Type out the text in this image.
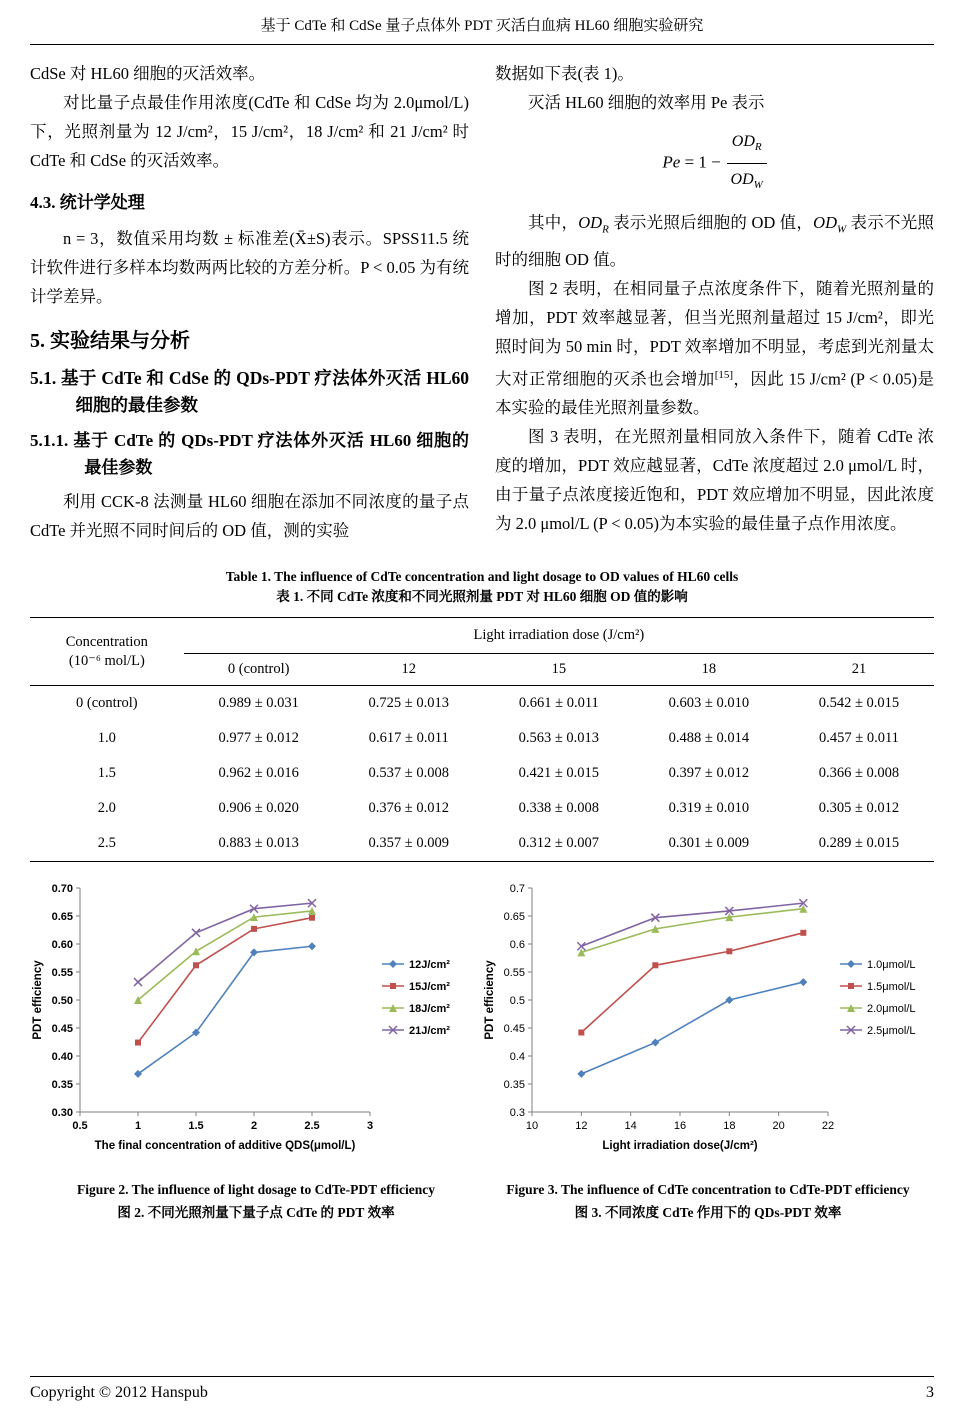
基于 CdTe 和 CdSe 量子点体外 PDT 灭活白血病 HL60 细胞实验研究

CdSe 对 HL60 细胞的灭活效率。

对比量子点最佳作用浓度(CdTe 和 CdSe 均为 2.0μmol/L)下，光照剂量为 12 J/cm²，15 J/cm²，18 J/cm² 和 21 J/cm² 时 CdTe 和 CdSe 的灭活效率。

4.3. 统计学处理

n = 3，数值采用均数 ± 标准差(X̄±S)表示。SPSS11.5 统计软件进行多样本均数两两比较的方差分析。P < 0.05 为有统计学差异。

5. 实验结果与分析
5.1. 基于 CdTe 和 CdSe 的 QDs-PDT 疗法体外灭活 HL60 细胞的最佳参数
5.1.1. 基于 CdTe 的 QDs-PDT 疗法体外灭活 HL60 细胞的最佳参数

利用 CCK-8 法测量 HL60 细胞在添加不同浓度的量子点 CdTe 并光照不同时间后的 OD 值，测的实验

数据如下表(表 1)。

灭活 HL60 细胞的效率用 Pe 表示

$Pe = 1 - \frac{OD_R}{OD_W}$

其中，$OD_R$ 表示光照后细胞的 OD 值，$OD_W$ 表示不光照时的细胞 OD 值。

图 2 表明，在相同量子点浓度条件下，随着光照剂量的增加，PDT 效率越显著，但当光照剂量超过 15 J/cm²，即光照时间为 50 min 时，PDT 效率增加不明显，考虑到光剂量太大对正常细胞的灭杀也会增加[15]，因此 15 J/cm² (P < 0.05)是本实验的最佳光照剂量参数。

图 3 表明，在光照剂量相同放入条件下，随着 CdTe 浓度的增加，PDT 效应越显著，CdTe 浓度超过 2.0 μmol/L 时，由于量子点浓度接近饱和，PDT 效应增加不明显，因此浓度为 2.0 μmol/L (P < 0.05)为本实验的最佳量子点作用浓度。

Table 1. The influence of CdTe concentration and light dosage to OD values of HL60 cells
表 1. 不同 CdTe 浓度和不同光照剂量 PDT 对 HL60 细胞 OD 值的影响
Concentration
(10⁻⁶ mol/L)	Light irradiation dose (J/cm²)				
	0 (control)	12	15	18	21
0 (control)	0.989 ± 0.031	0.725 ± 0.013	0.661 ± 0.011	0.603 ± 0.010	0.542 ± 0.015
1.0	0.977 ± 0.012	0.617 ± 0.011	0.563 ± 0.013	0.488 ± 0.014	0.457 ± 0.011
1.5	0.962 ± 0.016	0.537 ± 0.008	0.421 ± 0.015	0.397 ± 0.012	0.366 ± 0.008
2.0	0.906 ± 0.020	0.376 ± 0.012	0.338 ± 0.008	0.319 ± 0.010	0.305 ± 0.012
2.5	0.883 ± 0.013	0.357 ± 0.009	0.312 ± 0.007	0.301 ± 0.009	0.289 ± 0.015
0.30
0.35
0.40
0.45
0.50
0.55
0.60
0.65
0.70
0.5	1	1.5	2	2.5	3
The final concentration of additive QDS(μmol/L)
PDT efficiency	12J/cm²
15J/cm²
18J/cm²
21J/cm²
Figure 2. The influence of light dosage to CdTe-PDT efficiency
图 2. 不同光照剂量下量子点 CdTe 的 PDT 效率
0.3
0.35
0.4
0.45
0.5
0.55
0.6
0.65
0.7
10	12	14	16	18	20	22
Light irradiation dose(J/cm²)
PDT efficiency	1.0μmol/L
1.5μmol/L
2.0μmol/L
2.5μmol/L
Figure 3. The influence of CdTe concentration to CdTe-PDT efficiency
图 3. 不同浓度 CdTe 作用下的 QDs-PDT 效率
Copyright © 2012 Hanspub	3
